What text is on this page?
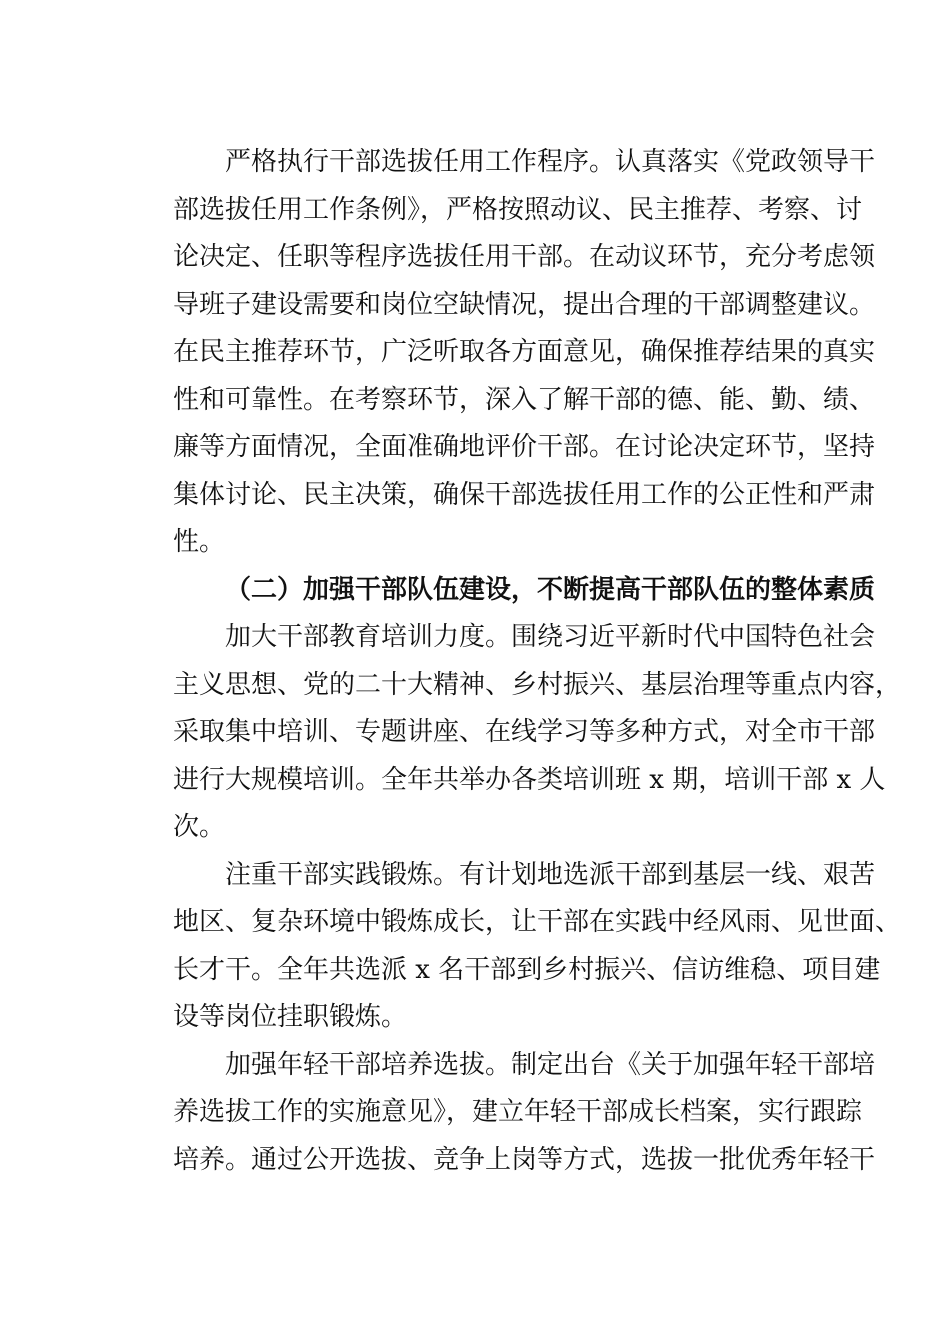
严格执行干部选拔任用工作程序。认真落实《党政领导干
部选拔任用工作条例》，严格按照动议、民主推荐、考察、讨
论决定、任职等程序选拔任用干部。在动议环节，充分考虑领
导班子建设需要和岗位空缺情况，提出合理的干部调整建议。
在民主推荐环节，广泛听取各方面意见，确保推荐结果的真实
性和可靠性。在考察环节，深入了解干部的德、能、勤、绩、
廉等方面情况，全面准确地评价干部。在讨论决定环节，坚持
集体讨论、民主决策，确保干部选拔任用工作的公正性和严肃
性。
（二）加强干部队伍建设，不断提高干部队伍的整体素质
加大干部教育培训力度。围绕习近平新时代中国特色社会
主义思想、党的二十大精神、乡村振兴、基层治理等重点内容，
采取集中培训、专题讲座、在线学习等多种方式，对全市干部
进行大规模培训。全年共举办各类培训班 x 期，培训干部 x 人
次。
注重干部实践锻炼。有计划地选派干部到基层一线、艰苦
地区、复杂环境中锻炼成长，让干部在实践中经风雨、见世面、
长才干。全年共选派 x 名干部到乡村振兴、信访维稳、项目建
设等岗位挂职锻炼。
加强年轻干部培养选拔。制定出台《关于加强年轻干部培
养选拔工作的实施意见》，建立年轻干部成长档案，实行跟踪
培养。通过公开选拔、竞争上岗等方式，选拔一批优秀年轻干
